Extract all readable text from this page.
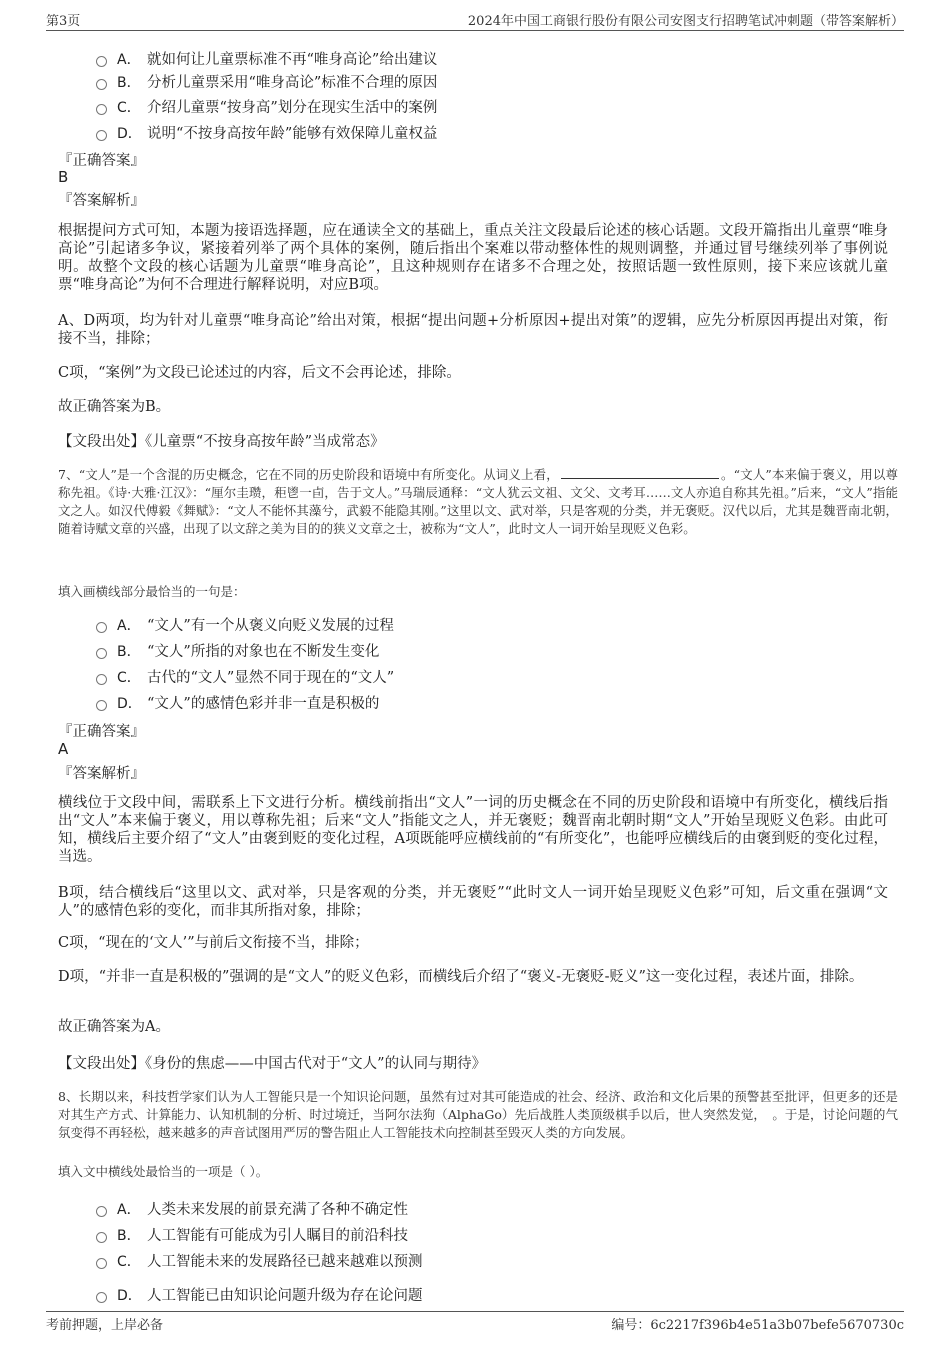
第3页	2024年中国工商银行股份有限公司安图支行招聘笔试冲刺题（带答案解析）
A． 就如何让儿童票标准不再“唯身高论”给出建议
B． 分析儿童票采用“唯身高论”标准不合理的原因
C． 介绍儿童票“按身高”划分在现实生活中的案例
D． 说明“不按身高按年龄”能够有效保障儿童权益
『正确答案』
B
『答案解析』
根据提问方式可知，本题为接语选择题，应在通读全文的基础上，重点关注文段最后论述的核心话题。文段开篇指出儿童票“唯身高论”引起诸多争议，紧接着列举了两个具体的案例，随后指出个案难以带动整体性的规则调整，并通过冒号继续列举了事例说明。故整个文段的核心话题为儿童票“唯身高论”，且这种规则存在诸多不合理之处，按照话题一致性原则，接下来应该就儿童票“唯身高论”为何不合理进行解释说明，对应B项。
A、D两项，均为针对儿童票“唯身高论”给出对策，根据“提出问题+分析原因+提出对策”的逻辑，应先分析原因再提出对策，衔接不当，排除；
C项，“案例”为文段已论述过的内容，后文不会再论述，排除。
故正确答案为B。
【文段出处】《儿童票“不按身高按年龄”当成常态》
7、“文人”是一个含混的历史概念，它在不同的历史阶段和语境中有所变化。从词义上看，	。“文人”本来偏于褒义，用以尊称先祖。《诗·大雅·江汉》：“厘尔圭瓒，秬鬯一卣，告于文人。”马瑞辰通释：“文人犹云文祖、文父、文考耳……文人亦追自称其先祖。”后来，“文人”指能文之人。如汉代傅毅《舞赋》：“文人不能怀其藻兮，武毅不能隐其刚。”这里以文、武对举，只是客观的分类，并无褒贬。汉代以后，尤其是魏晋南北朝，随着诗赋文章的兴盛，出现了以文辞之美为目的的狭义文章之士，被称为“文人”，此时文人一词开始呈现贬义色彩。
填入画横线部分最恰当的一句是：
A． “文人”有一个从褒义向贬义发展的过程
B． “文人”所指的对象也在不断发生变化
C． 古代的“文人”显然不同于现在的“文人”
D． “文人”的感情色彩并非一直是积极的
『正确答案』
A
『答案解析』
横线位于文段中间，需联系上下文进行分析。横线前指出“文人”一词的历史概念在不同的历史阶段和语境中有所变化，横线后指出“文人”本来偏于褒义，用以尊称先祖；后来“文人”指能文之人，并无褒贬；魏晋南北朝时期“文人”开始呈现贬义色彩。由此可知，横线后主要介绍了“文人”由褒到贬的变化过程，A项既能呼应横线前的“有所变化”，也能呼应横线后的由褒到贬的变化过程，当选。
B项，结合横线后“这里以文、武对举，只是客观的分类，并无褒贬”“此时文人一词开始呈现贬义色彩”可知，后文重在强调“文人”的感情色彩的变化，而非其所指对象，排除；
C项，“现在的‘文人’”与前后文衔接不当，排除；
D项，“并非一直是积极的”强调的是“文人”的贬义色彩，而横线后介绍了“褒义-无褒贬-贬义”这一变化过程，表述片面，排除。
故正确答案为A。
【文段出处】《身份的焦虑——中国古代对于“文人”的认同与期待》
8、长期以来，科技哲学家们认为人工智能只是一个知识论问题，虽然有过对其可能造成的社会、经济、政治和文化后果的预警甚至批评，但更多的还是对其生产方式、计算能力、认知机制的分析、时过境迁，当阿尔法狗（AlphaGo）先后战胜人类顶级棋手以后，世人突然发觉，　。于是，讨论问题的气氛变得不再轻松，越来越多的声音试图用严厉的警告阻止人工智能技术向控制甚至毁灭人类的方向发展。
填入文中横线处最恰当的一项是（ ）。
A． 人类未来发展的前景充满了各种不确定性
B． 人工智能有可能成为引人瞩目的前沿科技
C． 人工智能未来的发展路径已越来越难以预测
D． 人工智能已由知识论问题升级为存在论问题
考前押题，上岸必备	编号：6c2217f396b4e51a3b07befe5670730c
